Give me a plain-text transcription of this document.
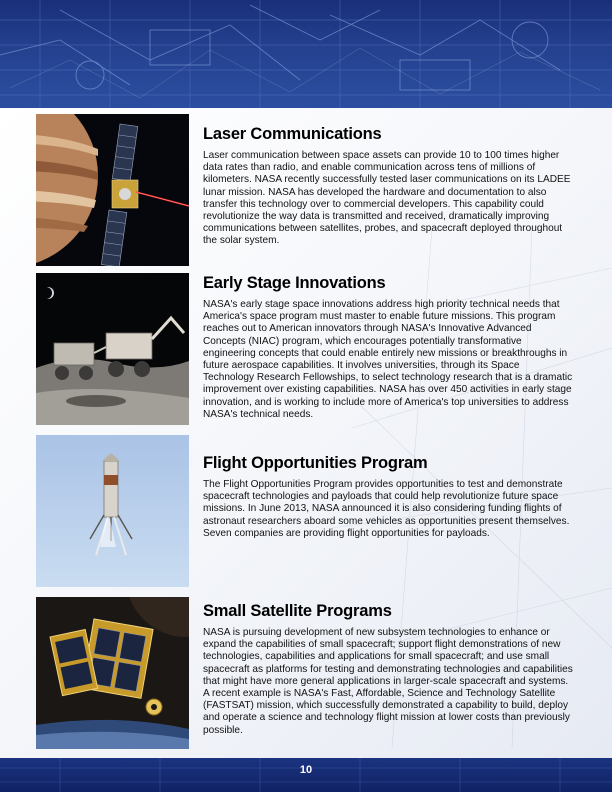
Laser Communications

Laser communication between space assets can provide 10 to 100 times higher data rates than radio, and enable communication across tens of millions of kilometers. NASA recently successfully tested laser communications on its LADEE lunar mission. NASA has developed the hardware and documentation to also transfer this technology over to commercial developers. This capability could revolutionize the way data is transmitted and received, dramatically improving communications between satellites, probes, and spacecraft deployed throughout the solar system.

Early Stage Innovations

NASA's early stage space innovations address high priority technical needs that America's space program must master to enable future missions. This program reaches out to American innovators through NASA's Innovative Advanced Concepts (NIAC) program, which encourages potentially transformative engineering concepts that could enable entirely new missions or breakthroughs in future aerospace capabilities. It involves universities, through its Space Technology Research Fellowships, to select technology research that is a dramatic improvement over existing capabilities. NASA has over 450 activities in early stage innovation, and is working to include more of America's top universities to address NASA's technical needs.

Flight Opportunities Program

The Flight Opportunities Program provides opportunities to test and demonstrate spacecraft technologies and payloads that could help revolutionize future space missions. In June 2013, NASA announced it is also considering funding flights of astronaut researchers aboard some vehicles as opportunities present themselves. Seven companies are providing flight opportunities for payloads.

Small Satellite Programs

NASA is pursuing development of new subsystem technologies to enhance or expand the capabilities of small spacecraft; support flight demonstrations of new technologies, capabilities and applications for small spacecraft; and use small spacecraft as platforms for testing and demonstrating technologies and capabilities that might have more general applications in larger-scale spacecraft and systems. A recent example is NASA's Fast, Affordable, Science and Technology Satellite (FASTSAT) mission, which successfully demonstrated a capability to build, deploy and operate a science and technology flight mission at lower costs than previously possible.

10
